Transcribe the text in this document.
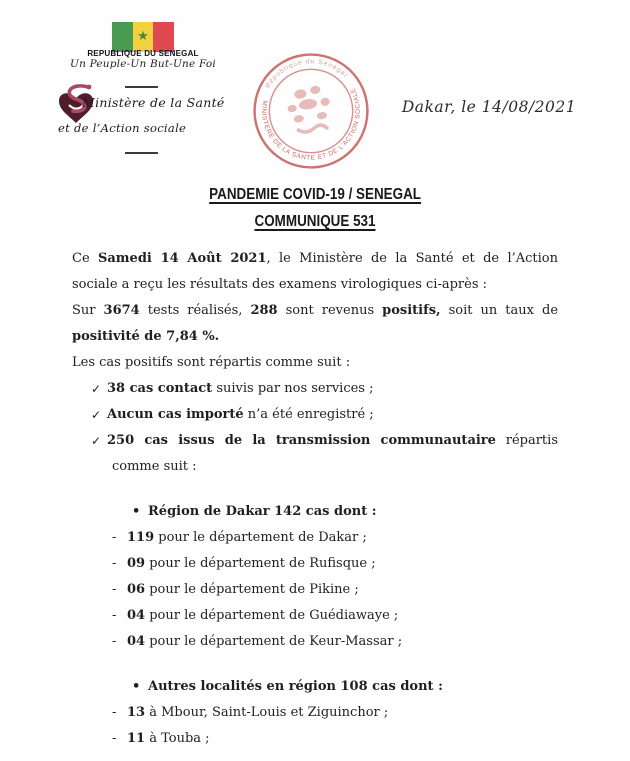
★
REPUBLIQUE DU SENEGAL
Un Peuple-Un But-Une Foi
Ministère de la Santé
et de l’Action sociale
République du Sénégal
MINISTERE DE LA SANTE ET DE L'ACTION SOCIALE
Dakar, le 14/08/2021
PANDEMIE COVID-19 / SENEGAL
COMMUNIQUE 531
Ce Samedi 14 Août 2021, le Ministère de la Santé et de l’Action
sociale a reçu les résultats des examens virologiques ci-après :
Sur 3674 tests réalisés, 288 sont revenus positifs, soit un taux de
positivité de 7,84 %.
Les cas positifs sont répartis comme suit :
✓ 38 cas contact suivis par nos services ;
✓ Aucun cas importé n’a été enregistré ;
✓ 250 cas issus de la transmission communautaire répartis
comme suit :
• Région de Dakar 142 cas dont :
- 119 pour le département de Dakar ;
- 09 pour le département de Rufisque ;
- 06 pour le département de Pikine ;
- 04 pour le département de Guédiawaye ;
- 04 pour le département de Keur-Massar ;
• Autres localités en région 108 cas dont :
- 13 à Mbour, Saint-Louis et Ziguinchor ;
- 11 à Touba ;
